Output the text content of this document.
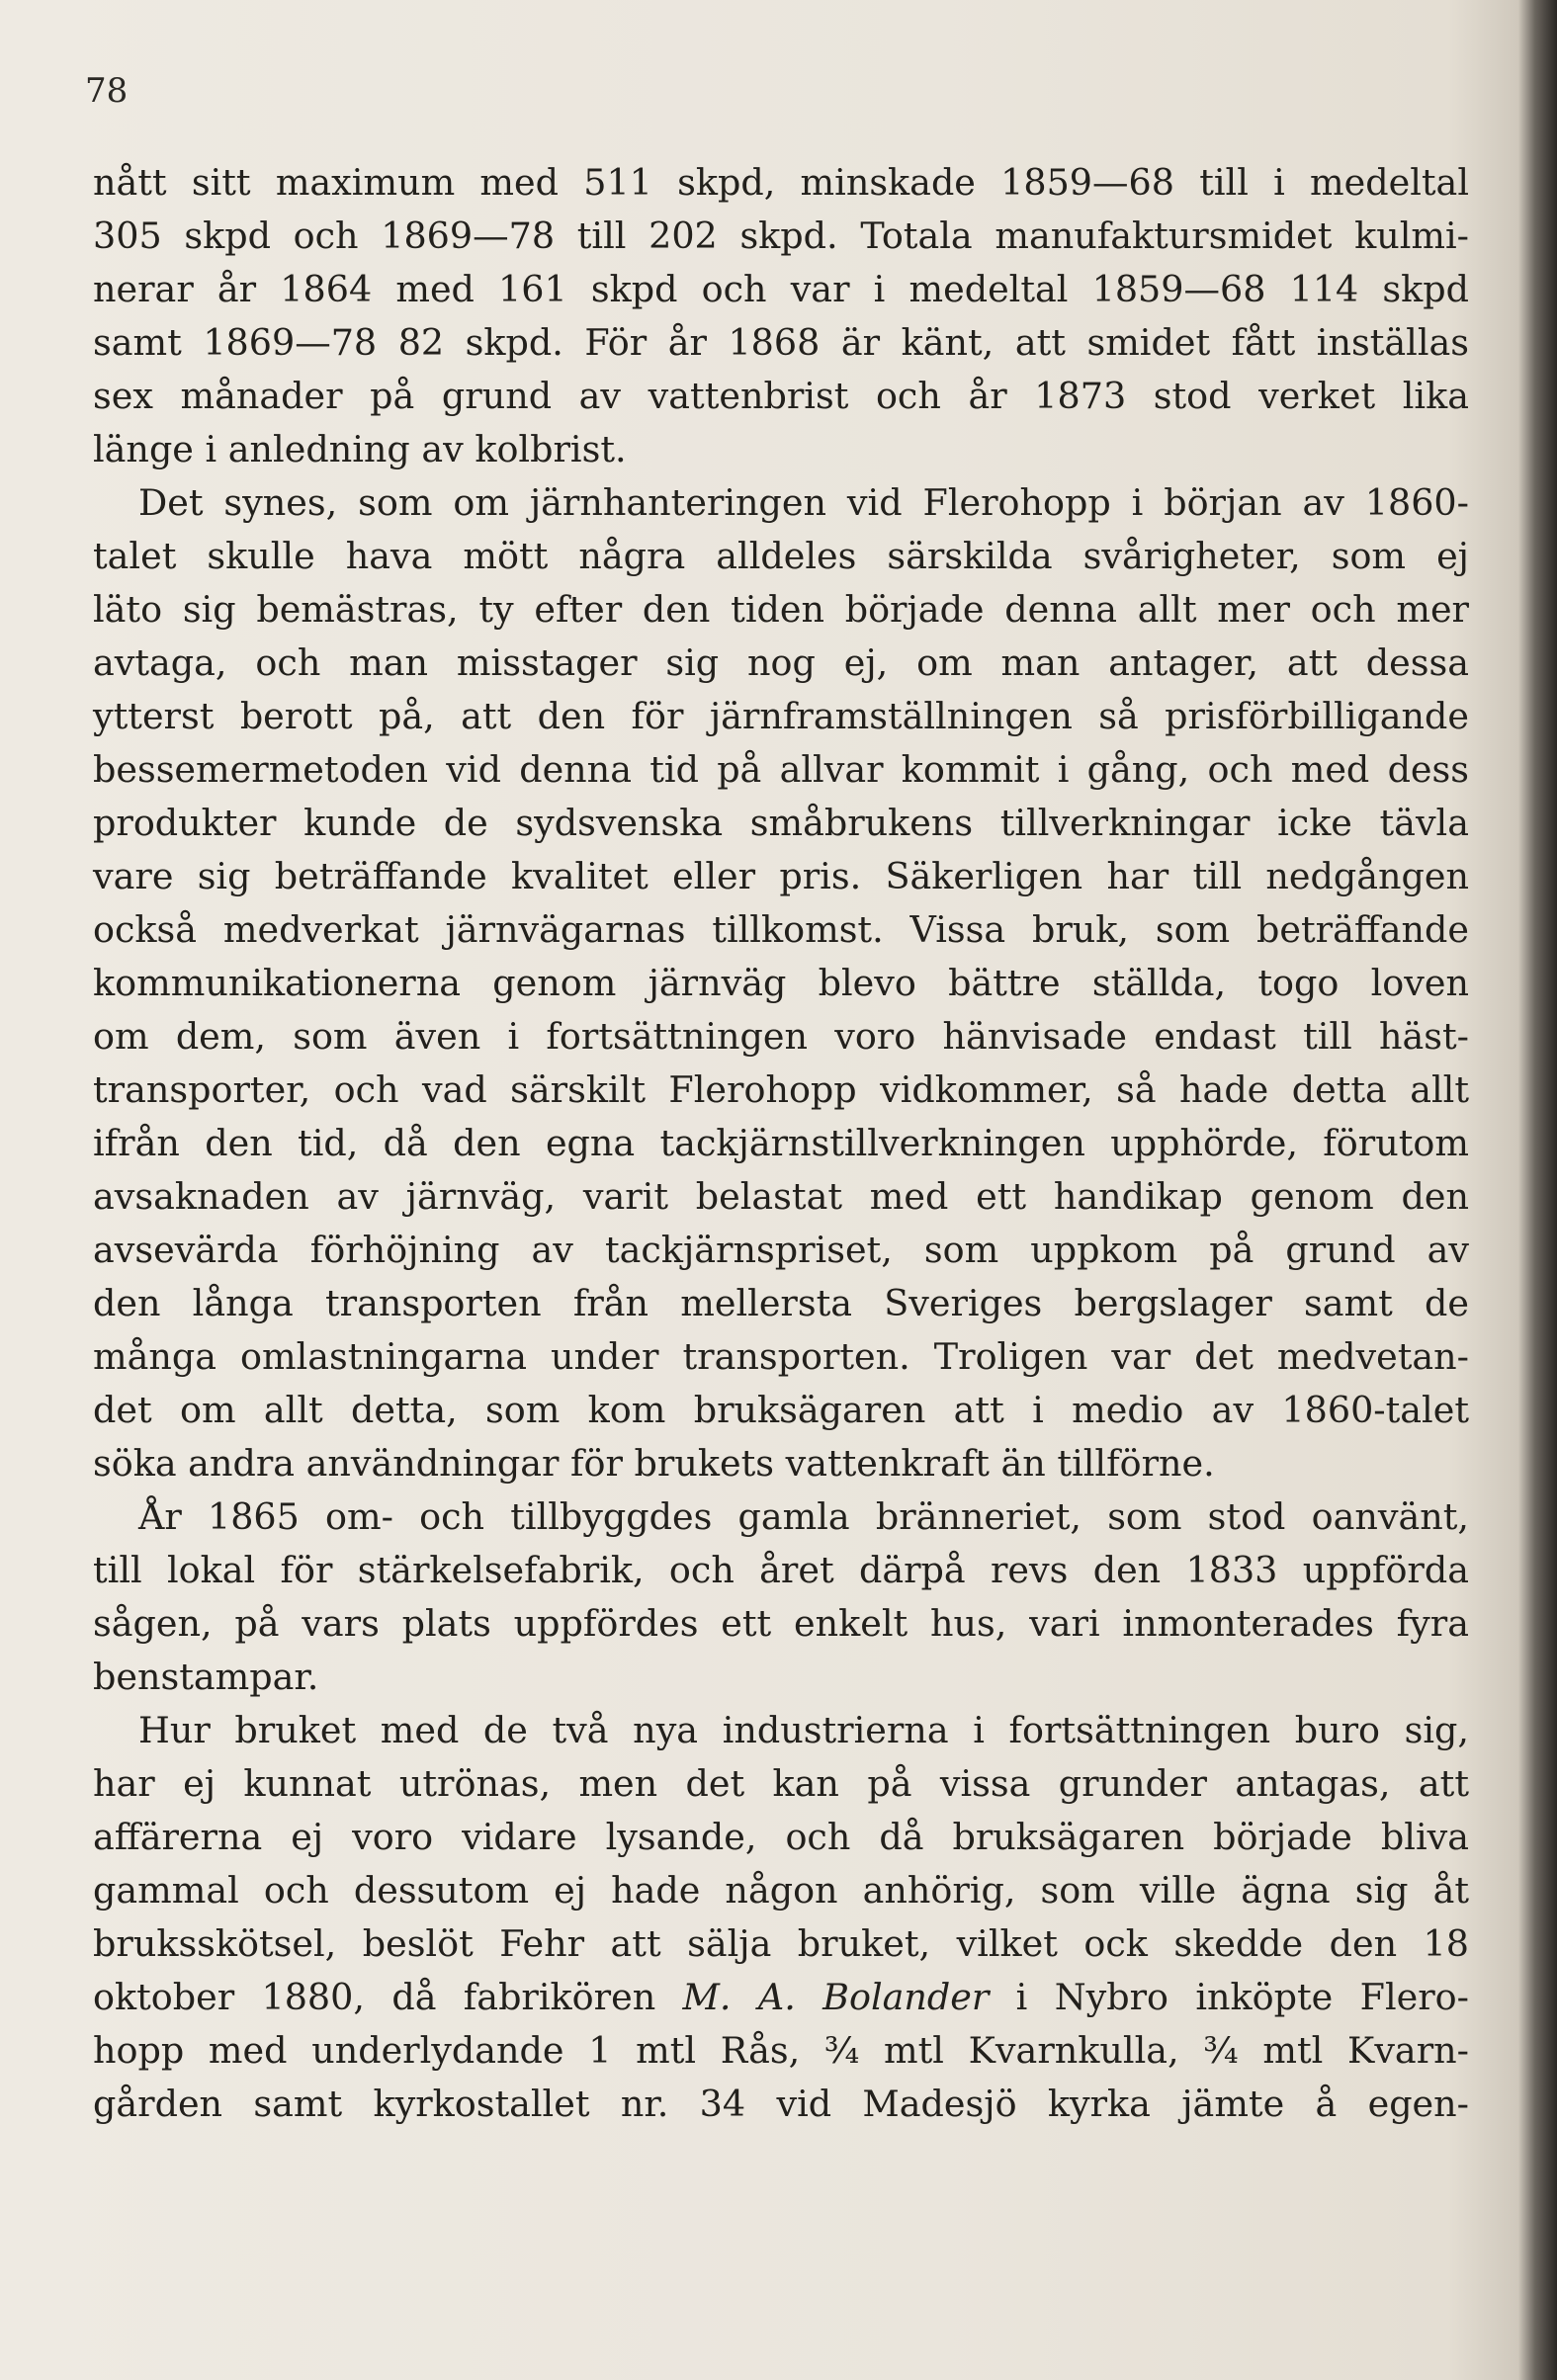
78

nått sitt maximum med 511 skpd, minskade 1859—68 till i medeltal
305 skpd och 1869—78 till 202 skpd. Totala manufaktursmidet kulmi-
nerar år 1864 med 161 skpd och var i medeltal 1859—68 114 skpd
samt 1869—78 82 skpd. För år 1868 är känt, att smidet fått inställas
sex månader på grund av vattenbrist och år 1873 stod verket lika
länge i anledning av kolbrist.

Det synes, som om järnhanteringen vid Flerohopp i början av 1860-
talet skulle hava mött några alldeles särskilda svårigheter, som ej
läto sig bemästras, ty efter den tiden började denna allt mer och mer
avtaga, och man misstager sig nog ej, om man antager, att dessa
ytterst berott på, att den för järnframställningen så prisförbilligande
bessemermetoden vid denna tid på allvar kommit i gång, och med dess
produkter kunde de sydsvenska småbrukens tillverkningar icke tävla
vare sig beträffande kvalitet eller pris. Säkerligen har till nedgången
också medverkat järnvägarnas tillkomst. Vissa bruk, som beträffande
kommunikationerna genom järnväg blevo bättre ställda, togo loven
om dem, som även i fortsättningen voro hänvisade endast till häst-
transporter, och vad särskilt Flerohopp vidkommer, så hade detta allt
ifrån den tid, då den egna tackjärnstillverkningen upphörde, förutom
avsaknaden av järnväg, varit belastat med ett handikap genom den
avsevärda förhöjning av tackjärnspriset, som uppkom på grund av
den långa transporten från mellersta Sveriges bergslager samt de
många omlastningarna under transporten. Troligen var det medvetan-
det om allt detta, som kom bruksägaren att i medio av 1860-talet
söka andra användningar för brukets vattenkraft än tillförne.

År 1865 om- och tillbyggdes gamla bränneriet, som stod oanvänt,
till lokal för stärkelsefabrik, och året därpå revs den 1833 uppförda
sågen, på vars plats uppfördes ett enkelt hus, vari inmonterades fyra
benstampar.

Hur bruket med de två nya industrierna i fortsättningen buro sig,
har ej kunnat utrönas, men det kan på vissa grunder antagas, att
affärerna ej voro vidare lysande, och då bruksägaren började bliva
gammal och dessutom ej hade någon anhörig, som ville ägna sig åt
bruksskötsel, beslöt Fehr att sälja bruket, vilket ock skedde den 18
oktober 1880, då fabrikören M. A. Bolander i Nybro inköpte Flero-
hopp med underlydande 1 mtl Rås, ¾ mtl Kvarnkulla, ¾ mtl Kvarn-
gården samt kyrkostallet nr. 34 vid Madesjö kyrka jämte å egen-
